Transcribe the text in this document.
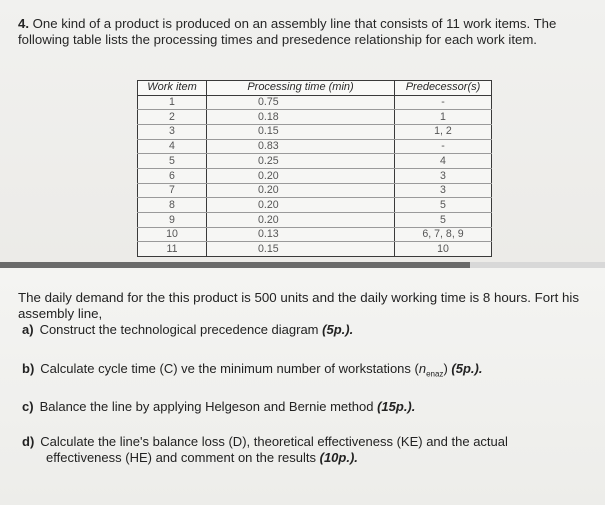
4. One kind of a product is produced on an assembly line that consists of 11 work items. The following table lists the processing times and presedence relationship for each work item.
Work item	Processing time (min)	Predecessor(s)
1	0.75	-
2	0.18	1
3	0.15	1, 2
4	0.83	-
5	0.25	4
6	0.20	3
7	0.20	3
8	0.20	5
9	0.20	5
10	0.13	6, 7, 8, 9
11	0.15	10
The daily demand for the this product is 500 units and the daily working time is 8 hours. Fort his assembly line,
a) Construct the technological precedence diagram (5p.).
b) Calculate cycle time (C) ve the minimum number of workstations $(n_{enaz})$ (5p.).
c) Balance the line by applying Helgeson and Bernie method (15p.).
d) Calculate the line's balance loss (D), theoretical effectiveness (KE) and the actual
effectiveness (HE) and comment on the results (10p.).
